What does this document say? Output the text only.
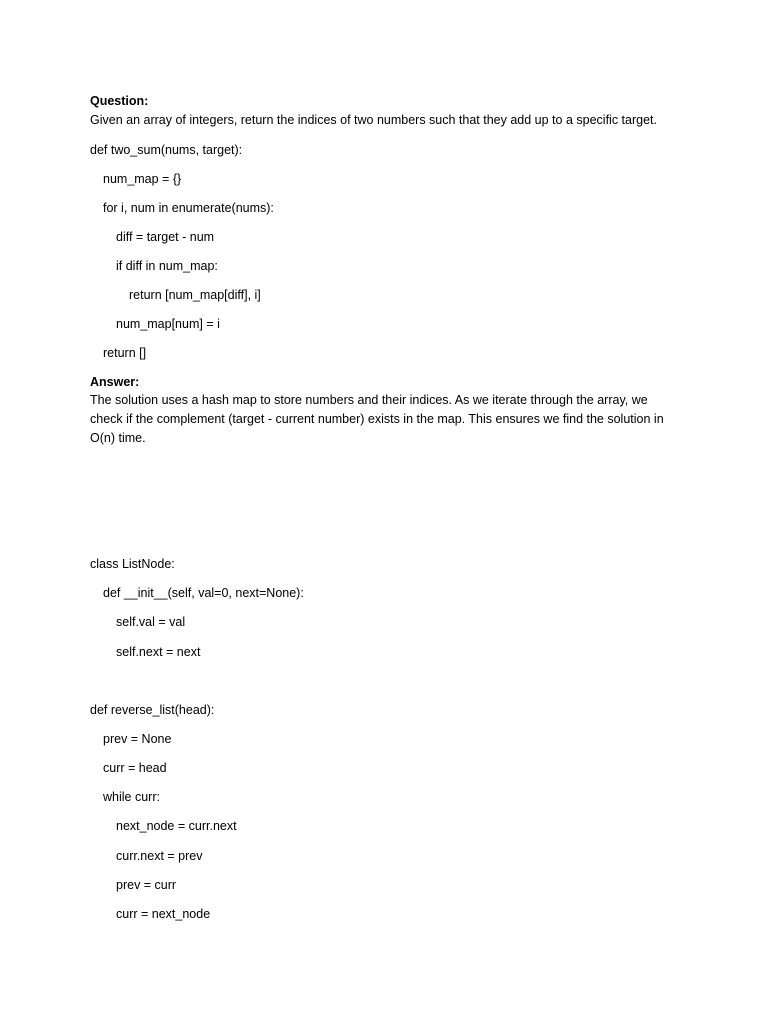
Question:
Given an array of integers, return the indices of two numbers such that they add up to a specific target.
def two_sum(nums, target):
num_map = {}
for i, num in enumerate(nums):
diff = target - num
if diff in num_map:
return [num_map[diff], i]
num_map[num] = i
return []
Answer:
The solution uses a hash map to store numbers and their indices. As we iterate through the array, we
check if the complement (target - current number) exists in the map. This ensures we find the solution in
O(n) time.
class ListNode:
def __init__(self, val=0, next=None):
self.val = val
self.next = next
def reverse_list(head):
prev = None
curr = head
while curr:
next_node = curr.next
curr.next = prev
prev = curr
curr = next_node
